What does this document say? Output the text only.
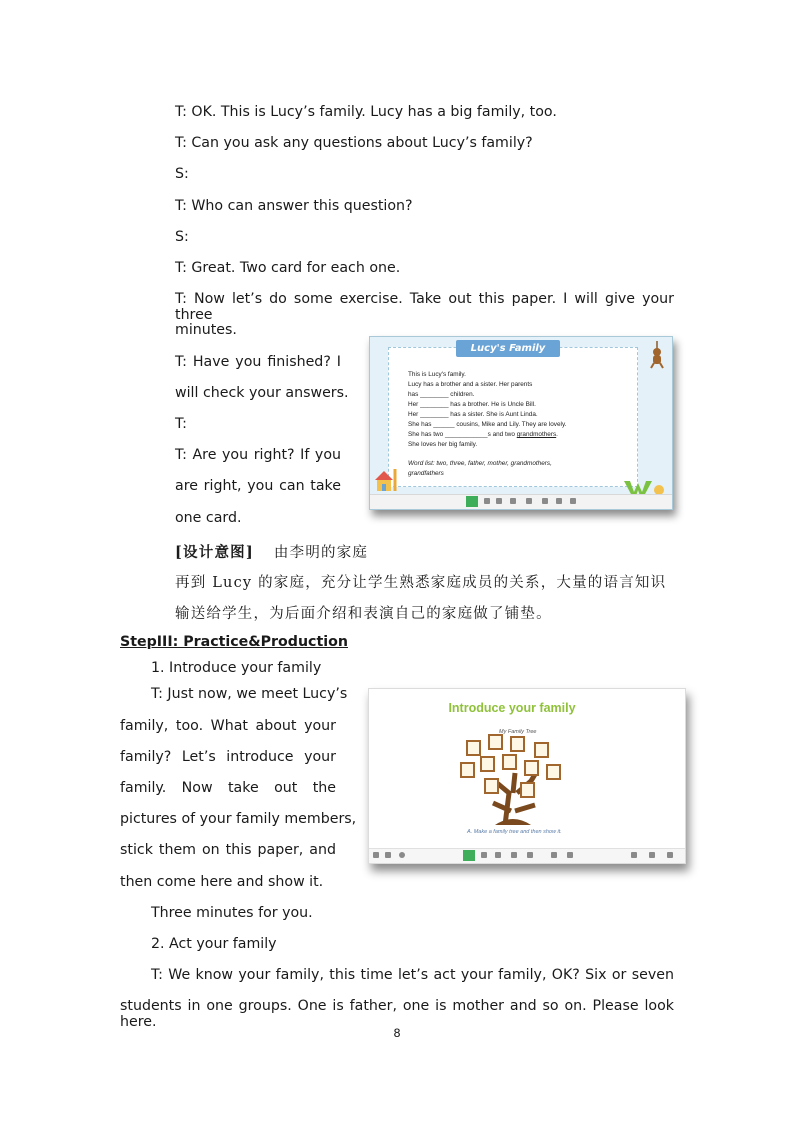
T: OK. This is Lucy’s family. Lucy has a big family, too.
T: Can you ask any questions about Lucy’s family?
S:
T: Who can answer this question?
S:
T: Great. Two card for each one.
T: Now let’s do some exercise. Take out this paper. I will give your three
minutes.
T: Have you finished? I
will check your answers.
T:
T: Are you right? If you
are right, you can take
one card.
Lucy's Family
This is Lucy's family.
Lucy has a brother and a sister. Her parents
has ________ children.
Her ________ has a brother. He is Uncle Bill.
Her ________ has a sister. She is Aunt Linda.
She has ______ cousins, Mike and Lily. They are lovely.
She has two ____________s and two grandmothers.
She loves her big family.
Word list: two, three, father, mother, grandmothers,
grandfathers
[设计意图] 由李明的家庭
再到 Lucy 的家庭，充分让学生熟悉家庭成员的关系，大量的语言知识
输送给学生，为后面介绍和表演自己的家庭做了铺垫。
StepIII: Practice&Production
1. Introduce your family
T: Just now, we meet Lucy’s
family, too. What about your
family? Let’s introduce your
family. Now take out the
pictures of your family members,
stick them on this paper, and
then come here and show it.
Three minutes for you.
2. Act your family
T: We know your family, this time let’s act your family, OK? Six or seven
students in one groups. One is father, one is mother and so on. Please look here.
Introduce your family
My Family Tree
A. Make a family tree and then show it.
8
